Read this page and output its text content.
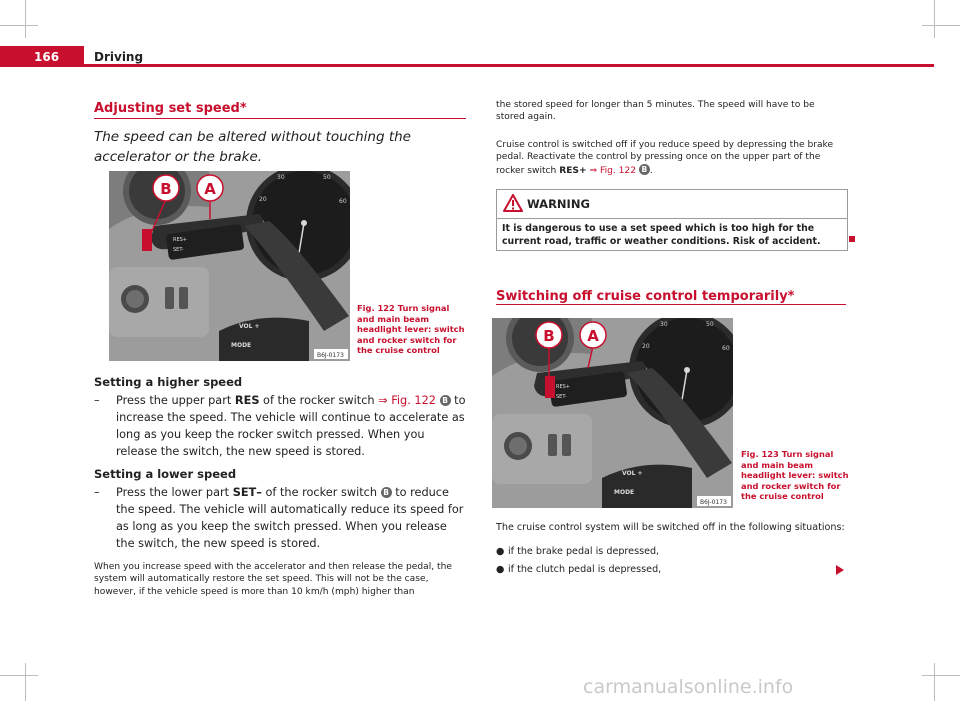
166	Driving
Adjusting set speed*
The speed can be altered without touching the accelerator or the brake.
30	50
20	60
RES+
SET-
B A
VOL +
MODE
B6J-0173
Fig. 122 Turn signal and main beam headlight lever: switch and rocker switch for the cruise control
Setting a higher speed
– Press the upper part RES of the rocker switch ⇒ Fig. 122 B to increase the speed. The vehicle will continue to accelerate as long as you keep the rocker switch pressed. When you release the switch, the new speed is stored.
Setting a lower speed
– Press the lower part SET– of the rocker switch B to reduce the speed. The vehicle will automatically reduce its speed for as long as you keep the switch pressed. When you release the switch, the new speed is stored.
When you increase speed with the accelerator and then release the pedal, the system will automatically restore the set speed. This will not be the case, however, if the vehicle speed is more than 10 km/h (mph) higher than
the stored speed for longer than 5 minutes. The speed will have to be stored again.
Cruise control is switched off if you reduce speed by depressing the brake pedal. Reactivate the control by pressing once on the upper part of the rocker switch RES+ ⇒ Fig. 122 B .
WARNING
It is dangerous to use a set speed which is too high for the current road, traffic or weather conditions. Risk of accident.
Switching off cruise control temporarily*
30	50
20	60
RES+
SET-
B A
VOL +
MODE
B6J-0173
Fig. 123 Turn signal and main beam headlight lever: switch and rocker switch for the cruise control
The cruise control system will be switched off in the following situations:
● if the brake pedal is depressed,
● if the clutch pedal is depressed,
carmanualsonline.info
